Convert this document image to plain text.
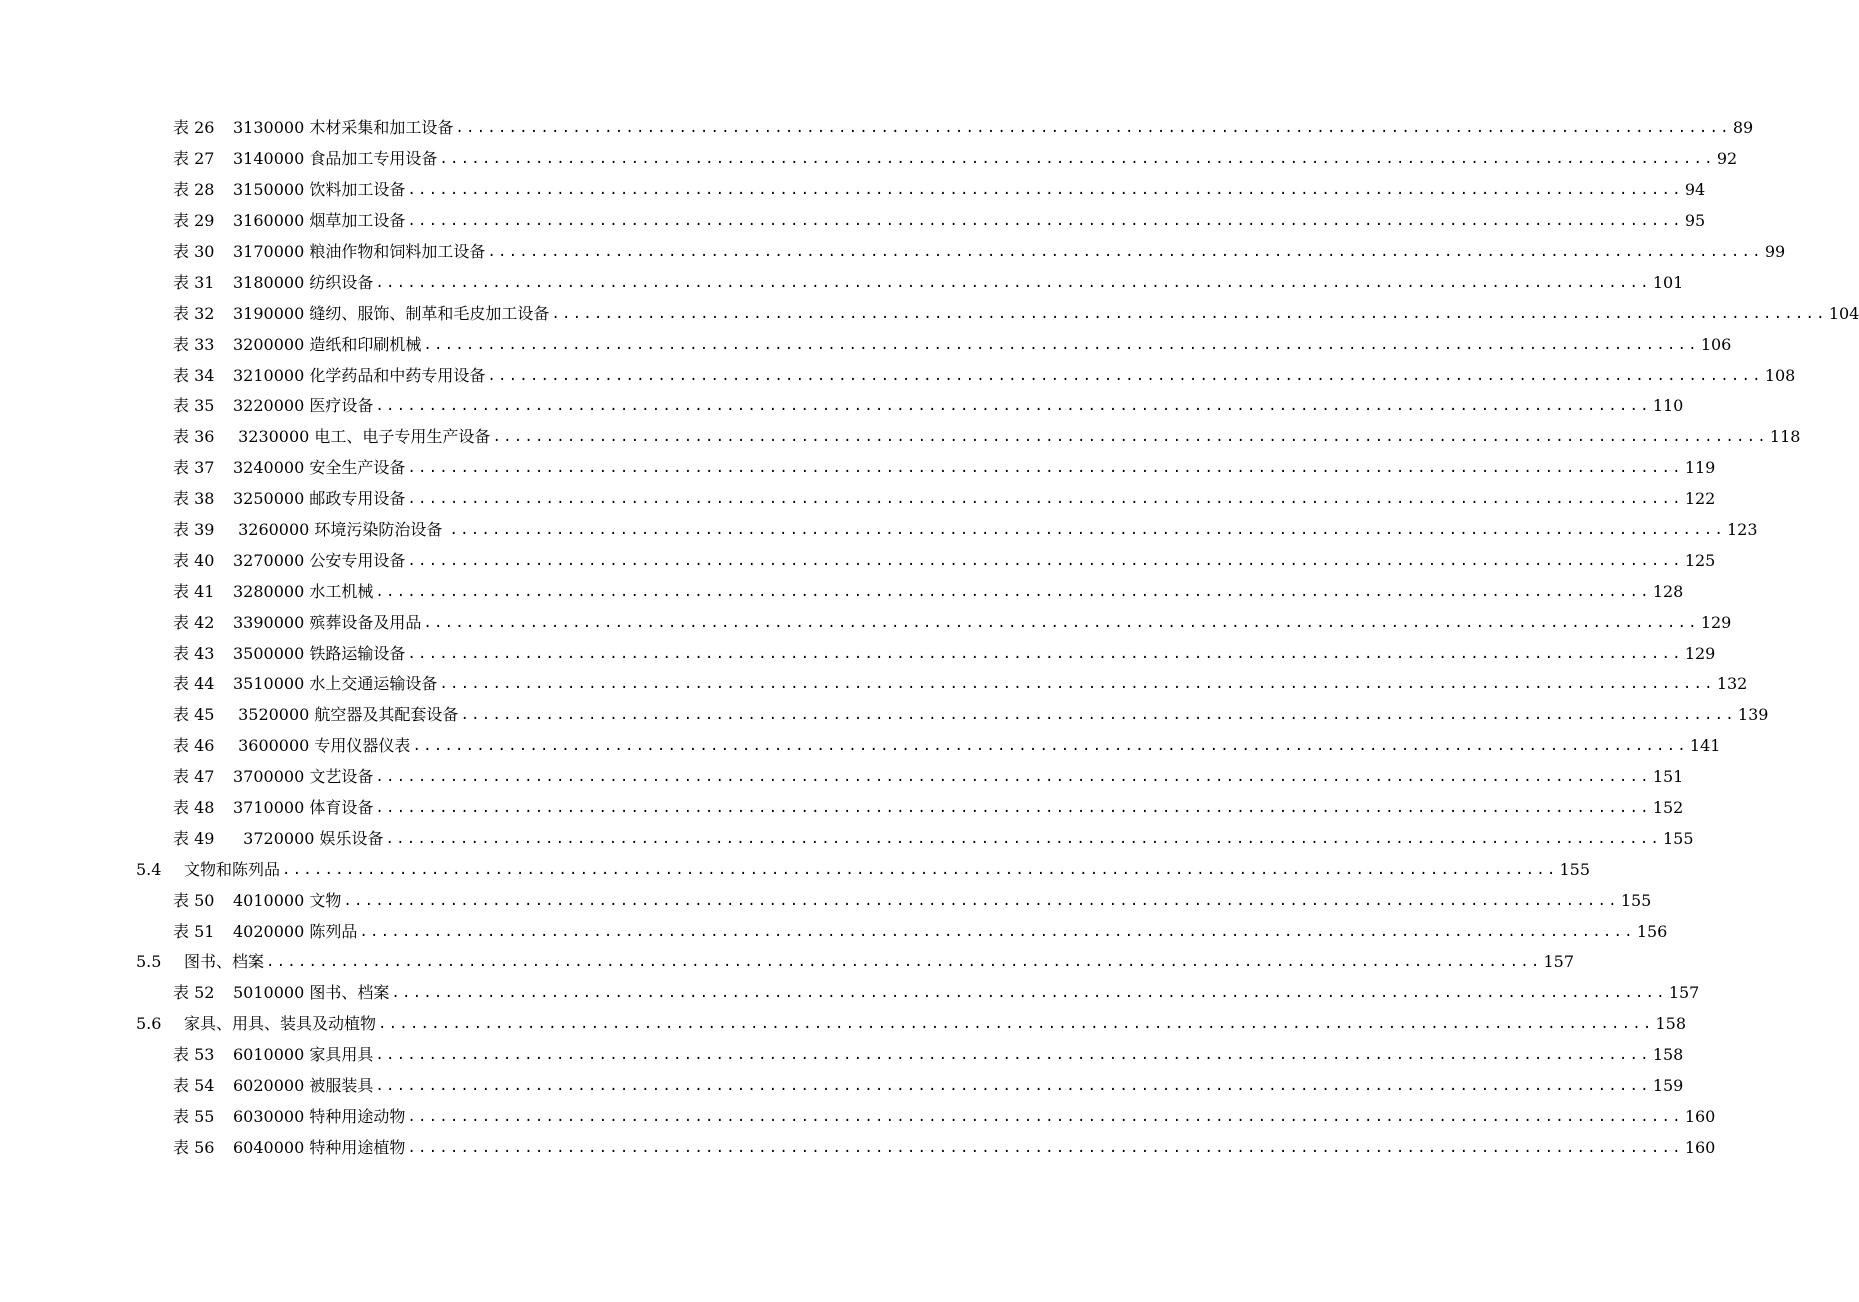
表 26	3130000 木材采集和加工设备 ........................................................................................................................ 89
表 27	3140000 食品加工专用设备 ........................................................................................................................ 92
表 28	3150000 饮料加工设备 ........................................................................................................................ 94
表 29	3160000 烟草加工设备 ........................................................................................................................ 95
表 30	3170000 粮油作物和饲料加工设备 ........................................................................................................................ 99
表 31	3180000 纺织设备 ........................................................................................................................ 101
表 32	3190000 缝纫、服饰、制革和毛皮加工设备 ........................................................................................................................ 104
表 33	3200000 造纸和印刷机械 ........................................................................................................................ 106
表 34	3210000 化学药品和中药专用设备 ........................................................................................................................ 108
表 35	3220000 医疗设备 ........................................................................................................................ 110
表 36	3230000 电工、电子专用生产设备 ........................................................................................................................ 118
表 37	3240000 安全生产设备 ........................................................................................................................ 119
表 38	3250000 邮政专用设备 ........................................................................................................................ 122
表 39	3260000 环境污染防治设备 ........................................................................................................................ 123
表 40	3270000 公安专用设备 ........................................................................................................................ 125
表 41	3280000 水工机械 ........................................................................................................................ 128
表 42	3390000 殡葬设备及用品 ........................................................................................................................ 129
表 43	3500000 铁路运输设备 ........................................................................................................................ 129
表 44	3510000 水上交通运输设备 ........................................................................................................................ 132
表 45	3520000 航空器及其配套设备 ........................................................................................................................ 139
表 46	3600000 专用仪器仪表 ........................................................................................................................ 141
表 47	3700000 文艺设备 ........................................................................................................................ 151
表 48	3710000 体育设备 ........................................................................................................................ 152
表 49	3720000 娱乐设备 ........................................................................................................................ 155
5.4	文物和陈列品 ........................................................................................................................ 155
表 50	4010000 文物 ........................................................................................................................ 155
表 51	4020000 陈列品 ........................................................................................................................ 156
5.5	图书、档案 ........................................................................................................................ 157
表 52	5010000 图书、档案 ........................................................................................................................ 157
5.6	家具、用具、装具及动植物 ........................................................................................................................ 158
表 53	6010000 家具用具 ........................................................................................................................ 158
表 54	6020000 被服装具 ........................................................................................................................ 159
表 55	6030000 特种用途动物 ........................................................................................................................ 160
表 56	6040000 特种用途植物 ........................................................................................................................ 160
